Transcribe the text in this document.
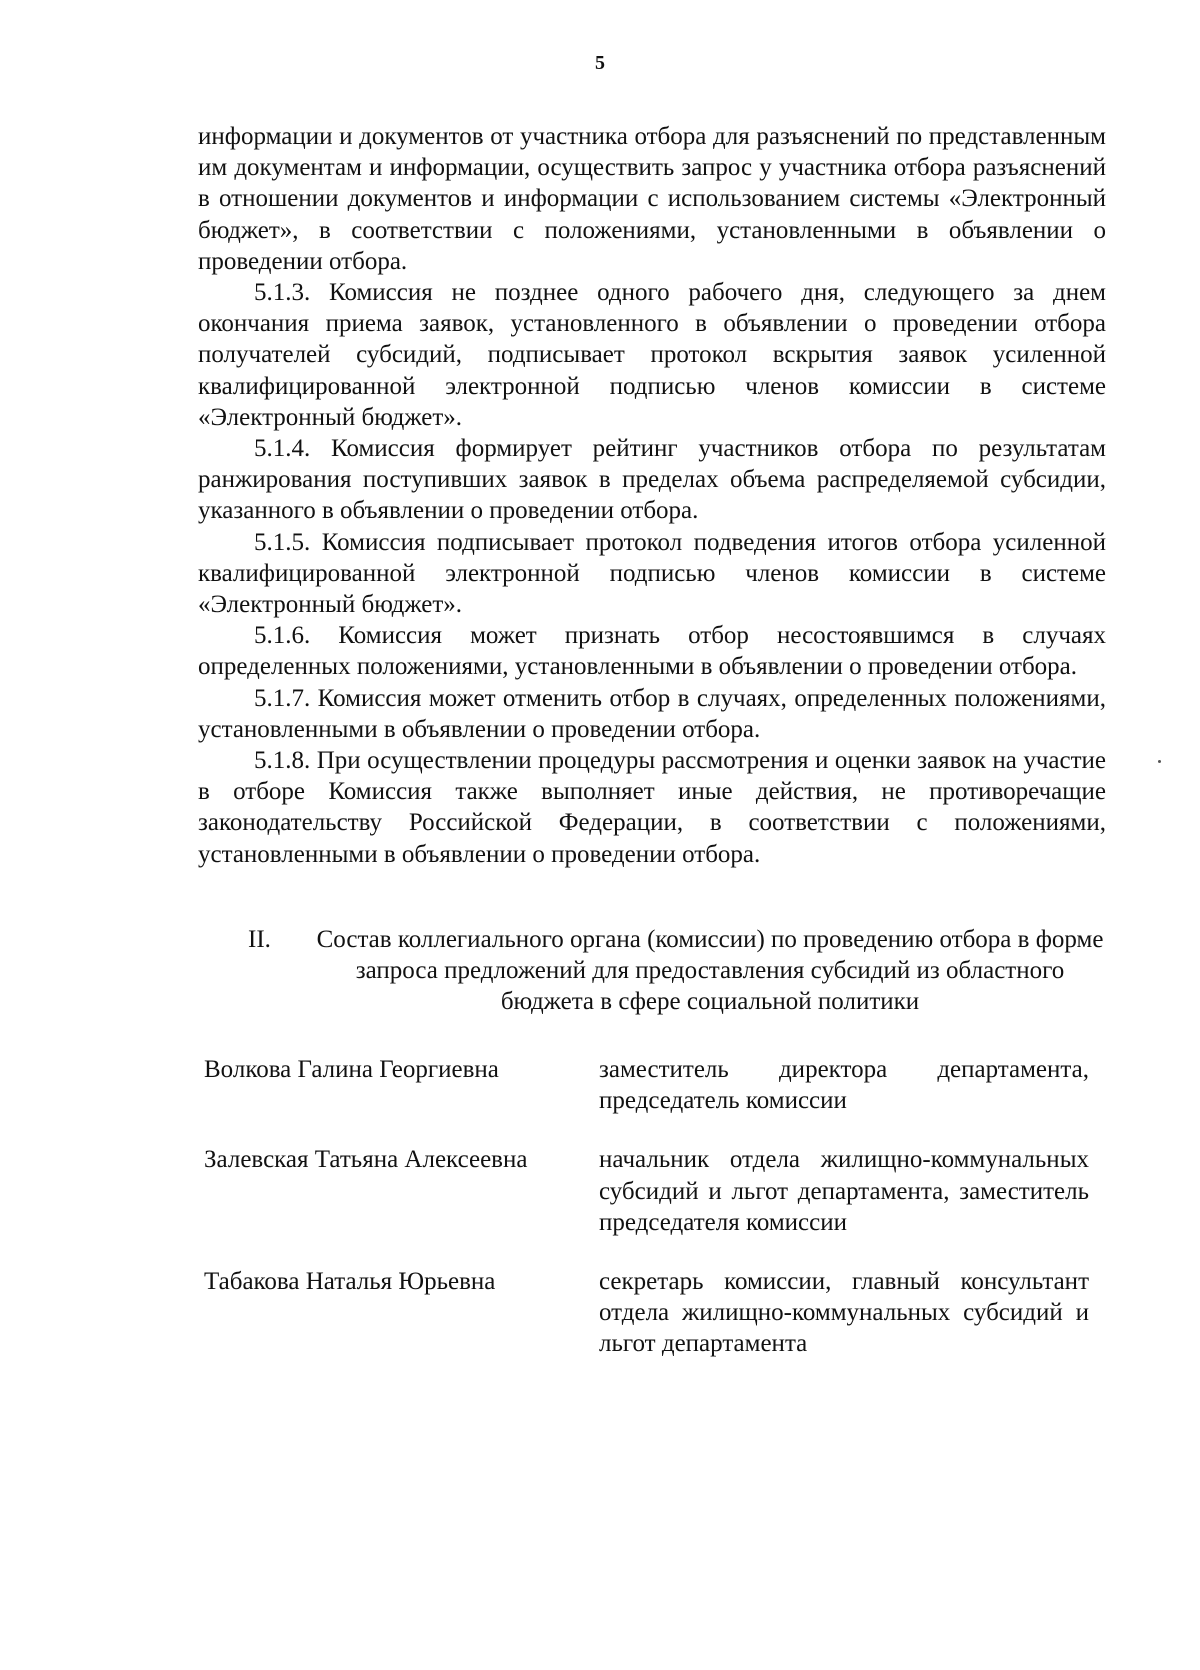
5

информации и документов от участника отбора для разъяснений по представленным им документам и информации, осуществить запрос у участника отбора разъяснений в отношении документов и информации с использованием системы «Электронный бюджет», в соответствии с положениями, установленными в объявлении о проведении отбора.

5.1.3. Комиссия не позднее одного рабочего дня, следующего за днем окончания приема заявок, установленного в объявлении о проведении отбора получателей субсидий, подписывает протокол вскрытия заявок усиленной квалифицированной электронной подписью членов комиссии в системе «Электронный бюджет».

5.1.4. Комиссия формирует рейтинг участников отбора по результатам ранжирования поступивших заявок в пределах объема распределяемой субсидии, указанного в объявлении о проведении отбора.

5.1.5. Комиссия подписывает протокол подведения итогов отбора усиленной квалифицированной электронной подписью членов комиссии в системе «Электронный бюджет».

5.1.6. Комиссия может признать отбор несостоявшимся в случаях определенных положениями, установленными в объявлении о проведении отбора.

5.1.7. Комиссия может отменить отбор в случаях, определенных положениями, установленными в объявлении о проведении отбора.

5.1.8. При осуществлении процедуры рассмотрения и оценки заявок на участие в отборе Комиссия также выполняет иные действия, не противоречащие законодательству Российской Федерации, в соответствии с положениями, установленными в объявлении о проведении отбора.

II. Состав коллегиального органа (комиссии) по проведению отбора в форме запроса предложений для предоставления субсидий из областного бюджета в сфере социальной политики
Волкова Галина Георгиевна	заместитель директора департамента, председатель комиссии
Залевская Татьяна Алексеевна	начальник отдела жилищно-коммунальных субсидий и льгот департамента, заместитель председателя комиссии
Табакова Наталья Юрьевна	секретарь комиссии, главный консультант отдела жилищно-коммунальных субсидий и льгот департамента
